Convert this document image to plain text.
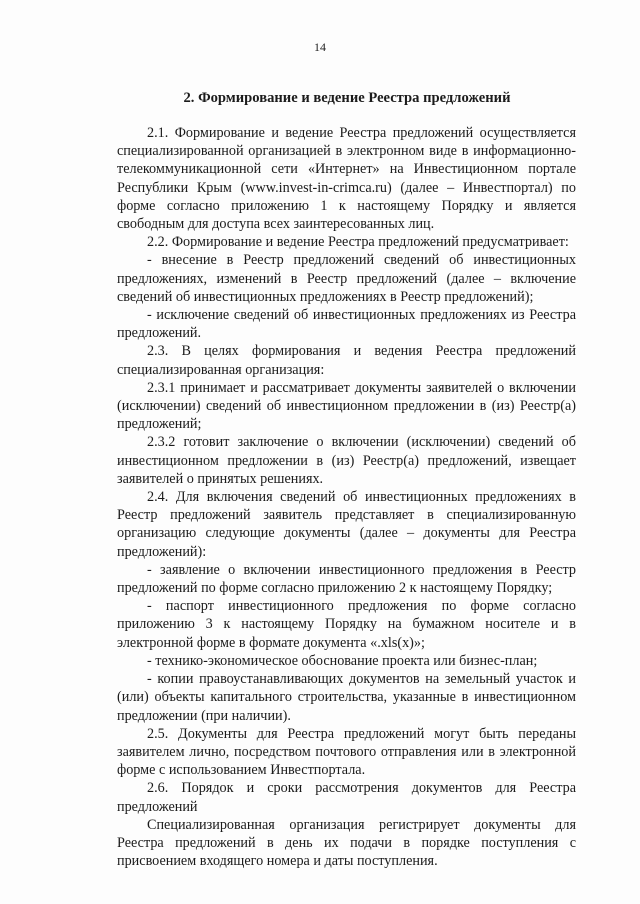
14
2. Формирование и ведение Реестра предложений

2.1. Формирование и ведение Реестра предложений осуществляется специализированной организацией в электронном виде в информационно-телекоммуникационной сети «Интернет» на Инвестиционном портале Республики Крым (www.invest-in-crimca.ru) (далее – Инвестпортал) по форме согласно приложению 1 к настоящему Порядку и является свободным для доступа всех заинтересованных лиц.

2.2. Формирование и ведение Реестра предложений предусматривает:

- внесение в Реестр предложений сведений об инвестиционных предложениях, изменений в Реестр предложений (далее – включение сведений об инвестиционных предложениях в Реестр предложений);

- исключение сведений об инвестиционных предложениях из Реестра предложений.

2.3. В целях формирования и ведения Реестра предложений специализированная организация:

2.3.1 принимает и рассматривает документы заявителей о включении (исключении) сведений об инвестиционном предложении в (из) Реестр(а) предложений;

2.3.2 готовит заключение о включении (исключении) сведений об инвестиционном предложении в (из) Реестр(а) предложений, извещает заявителей о принятых решениях.

2.4. Для включения сведений об инвестиционных предложениях в Реестр предложений заявитель представляет в специализированную организацию следующие документы (далее – документы для Реестра предложений):

- заявление о включении инвестиционного предложения в Реестр предложений по форме согласно приложению 2 к настоящему Порядку;

- паспорт инвестиционного предложения по форме согласно приложению 3 к настоящему Порядку на бумажном носителе и в электронной форме в формате документа «.xls(x)»;

- технико-экономическое обоснование проекта или бизнес-план;

- копии правоустанавливающих документов на земельный участок и (или) объекты капитального строительства, указанные в инвестиционном предложении (при наличии).

2.5. Документы для Реестра предложений могут быть переданы заявителем лично, посредством почтового отправления или в электронной форме с использованием Инвестпортала.

2.6. Порядок и сроки рассмотрения документов для Реестра предложений

Специализированная организация регистрирует документы для Реестра предложений в день их подачи в порядке поступления с присвоением входящего номера и даты поступления.
